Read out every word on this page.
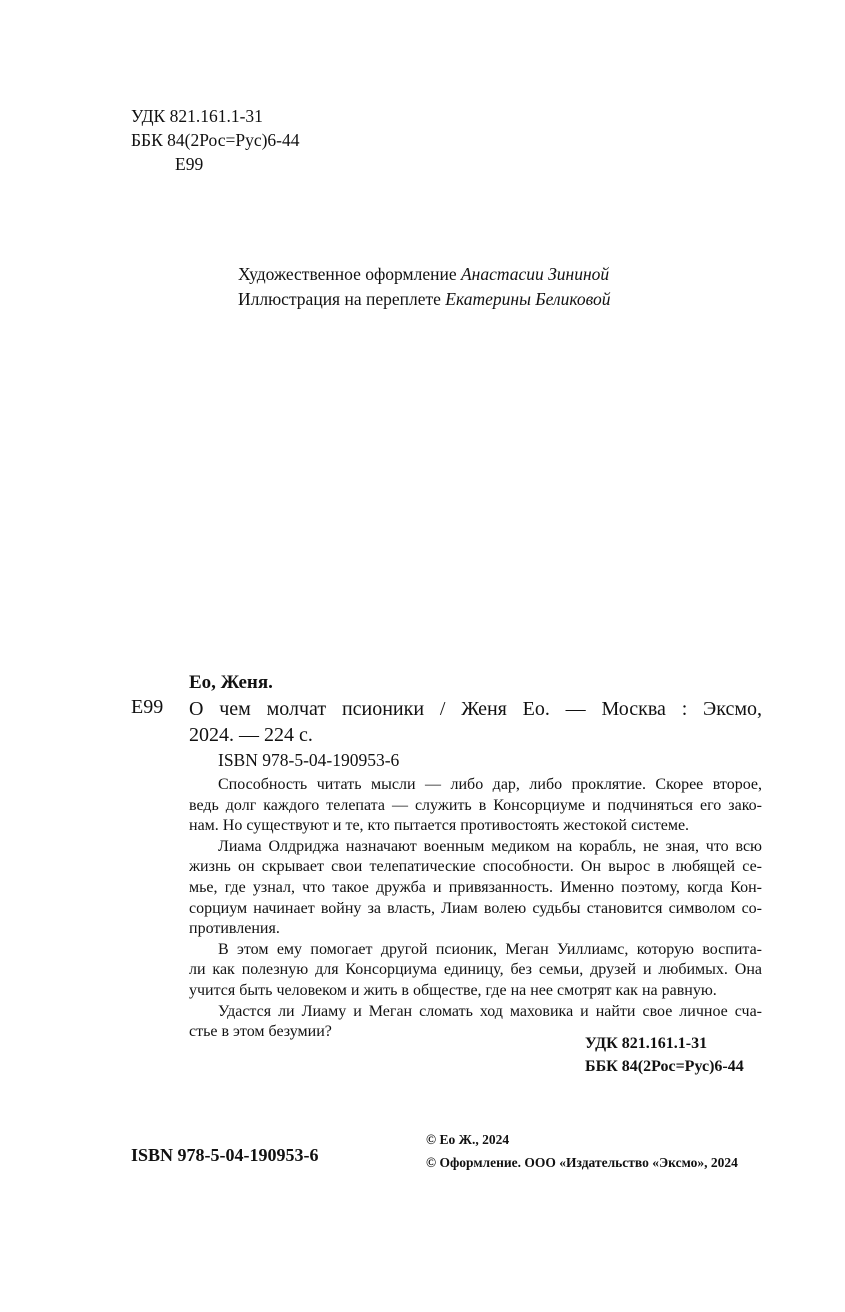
УДК 821.161.1-31
ББК 84(2Рос=Рус)6-44
Е99
Художественное оформление Анастасии Зининой
Иллюстрация на переплете Екатерины Беликовой
Ео, Женя.
Е99 О чем молчат псионики / Женя Ео. — Москва : Эксмо,
2024. — 224 с.
ISBN 978-5-04-190953-6
Способность читать мысли — либо дар, либо проклятие. Скорее второе,
ведь долг каждого телепата — служить в Консорциуме и подчиняться его зако-
нам. Но существуют и те, кто пытается противостоять жестокой системе.
Лиама Олдриджа назначают военным медиком на корабль, не зная, что всю
жизнь он скрывает свои телепатические способности. Он вырос в любящей се-
мье, где узнал, что такое дружба и привязанность. Именно поэтому, когда Кон-
сорциум начинает войну за власть, Лиам волею судьбы становится символом со-
противления.
В этом ему помогает другой псионик, Меган Уиллиамс, которую воспита-
ли как полезную для Консорциума единицу, без семьи, друзей и любимых. Она
учится быть человеком и жить в обществе, где на нее смотрят как на равную.
Удастся ли Лиаму и Меган сломать ход маховика и найти свое личное сча-
стье в этом безумии?
УДК 821.161.1-31
ББК 84(2Рос=Рус)6-44
ISBN 978-5-04-190953-6
© Ео Ж., 2024
© Оформление. ООО «Издательство «Эксмо», 2024
